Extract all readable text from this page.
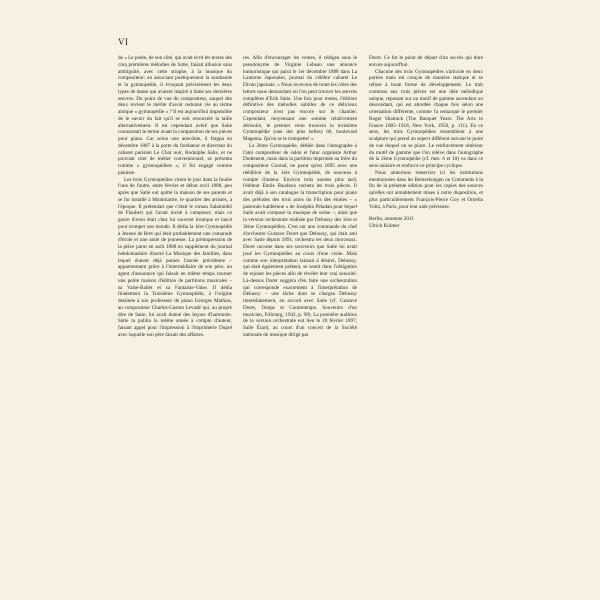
VI

de « Le poète, de son côté, qui avait écrit les textes des cinq premières mélodies de Satie, faisait allusion sans ambiguïté, avec cette strophe, à la musique du compositeur: en associant poétiquement la sarabande et la gymnopédie, il évoquait précisément les deux types de danse qui avaient inspiré à Satie ses dernières œuvres. Du point de vue du compositeur, auquel des deux revient le mérite d'avoir redonné vie au terme antique « gymnopédie » ? Il est aujourd'hui impossible de le savoir du fait qu'il se soit renouvelé la taille alternativement. Il est cependant avéré que Satie connaissait le terme avant la composition de ses pièces pour piano. Car selon une anecdote, il frappa en décembre 1887 à la porte du fondateur et directeur du cabaret parisien Le Chat noir, Rodolphe Salis, et ne pouvant citer de métier conventionnel, se présenta comme « gymnopédiste »; il fut engagé comme pianiste.

Les trois Gymnopédies virent le jour dans la foulée l'une de l'autre, entre février et début avril 1888, peu après que Satie eut quitté la maison de ses parents et se fut installé à Montmartre, le quartier des artistes, à l'époque. Il prétendait que c'était le roman Salammbô de Flaubert qui l'avait incité à composer; mais ce genre d'aveu était chez lui souvent ironique et lancé pour tromper son monde. Il dédia la 1ère Gymnopédie à Jeanne de Bret qui était probablement une camarade d'école et une amie de jeunesse. La préimpression de la pièce parut en août 1888 en supplément du journal hebdomadaire illustré La Musique des familles, dans lequel étaient déjà parues l'année précédente – apparemment grâce à l'intermédiaire de son père, un agent d'assurance qui faisait en même temps tourner une petite maison d'édition de partitions musicales – sa Valse-Ballet et sa Fantaisie-Valse. Il dédia finalement la Troisième Gymnopédie, à l'origine destinée à son professeur de piano Georges Mathias, au compositeur Charles-Gaston Levadé qui, au propre dire de Satie, lui avait donné des leçons d'harmonie. Satie la publia la même année à compte d'auteur, faisant appel pour l'impression à l'imprimerie Dupré avec laquelle son père faisait des affaires.

res. Afin d'encourager les ventes, il rédigea sous le pseudonyme de Virginie Lebeau une annonce humoristique qui parut le 1er décembre 1888 dans La Lanterne Japonaise, journal du célèbre cabaret Le Divan japonais: « Nous recevons de toute les côtes des lettres nous demandant où l'on peut trouver les œuvres complètes d'Erik Satie. Une fois pour toutes, l'édition définitive des mélodies subtiles de ce délicieux compositeur n'est pas encore sur le chantier. Cependant, moyennant une somme relativement dérisoire, le premier venu trouvera la troisième Gymnopédie (une des plus belles) 66, boulevard Magenta. Qu'on se le trompette! »

La 2ème Gymnopédie, dédiée dans l'autographe à l'ami compositeur de salon et futur organiste Arthur Dodement, mais dans la partition imprimée au frère du compositeur Conrad, ne parut qu'en 1895 avec une réédition de la 1ère Gymnopédie, de nouveau à compte d'auteur. Environ trois années plus tard, l'éditeur Émile Baudoux racheta les trois pièces. Il avait déjà à son catalogue la transcription pour piano des préludes des trois actes du Fils des étoiles – « pastorale kaldéenne » de Joséphin Péladan pour lequel Satie avait composé la musique de scène –, ainsi que la version orchestrale réalisée par Debussy des 1ère et 3ème Gymnopédies. C'est sur une commande du chef d'orchestre Gustave Doret que Debussy, qui était ami avec Satie depuis 1891, orchestra les deux morceaux. Doret raconte dans ses souvenirs que Satie lui avait joué les Gymnopédies au cours d'une visite. Mais comme son interprétation laissait à désirer, Debussy, qui était également présent, se sentit dans l'obligation de rejouer les pièces afin de révéler leur vrai sonorité. Là-dessus Doret suggéra d'en faire une orchestration qui corresponde exactement à l'interprétation de Debussy – une tâche dont se chargea Debussy immédiatement, en accord avec Satie (cf. Gustave Doret, Temps et Contretemps. Souvenirs d'un musicien, Fribourg, 1942, p. 98). La première audition de la version orchestrale eut lieu le 20 février 1897, Salle Érard, au cours d'un concert de la Société nationale de musique dirigé par

Doret. Ce fut le point de départ d'un succès qui dure encore aujourd'hui.

Chacune des trois Gymnopédies s'articule en deux parties mais est conçue de manière statique et se refuse à toute forme de développement. Le trait commun aux trois pièces est une idée mélodique unique, reposant sur un motif de gamme ascendant ou descendant, qui est abordée chaque fois selon une orientation différente, comme l'a remarqué le premier Roger Shattuck (The Banquet Years: The Arts in France 1885–1918, New York, 1958, p. 111). En ce sens, les trois Gymnopédies ressemblent à une sculpture qui prend un aspect différent suivant le point de vue duquel on se place. Le renforcement ultérieur du motif de gamme que l'on relève dans l'autographe de la 2ème Gymnopédie (cf. mes. 6 et 10) va dans ce sens unitaire et renforce ce principe cyclique.

Nous aimerions remercier ici les institutions mentionnées dans les Bemerkungen ou Comments à la fin de la présente édition pour les copies des sources qu'elles ont aimablement mises à notre disposition, et plus particulièrement François-Pierre Goy et Ornella Volta, à Paris, pour leur aide précieuse.

Berlin, automne 2011

Ulrich Krämer
